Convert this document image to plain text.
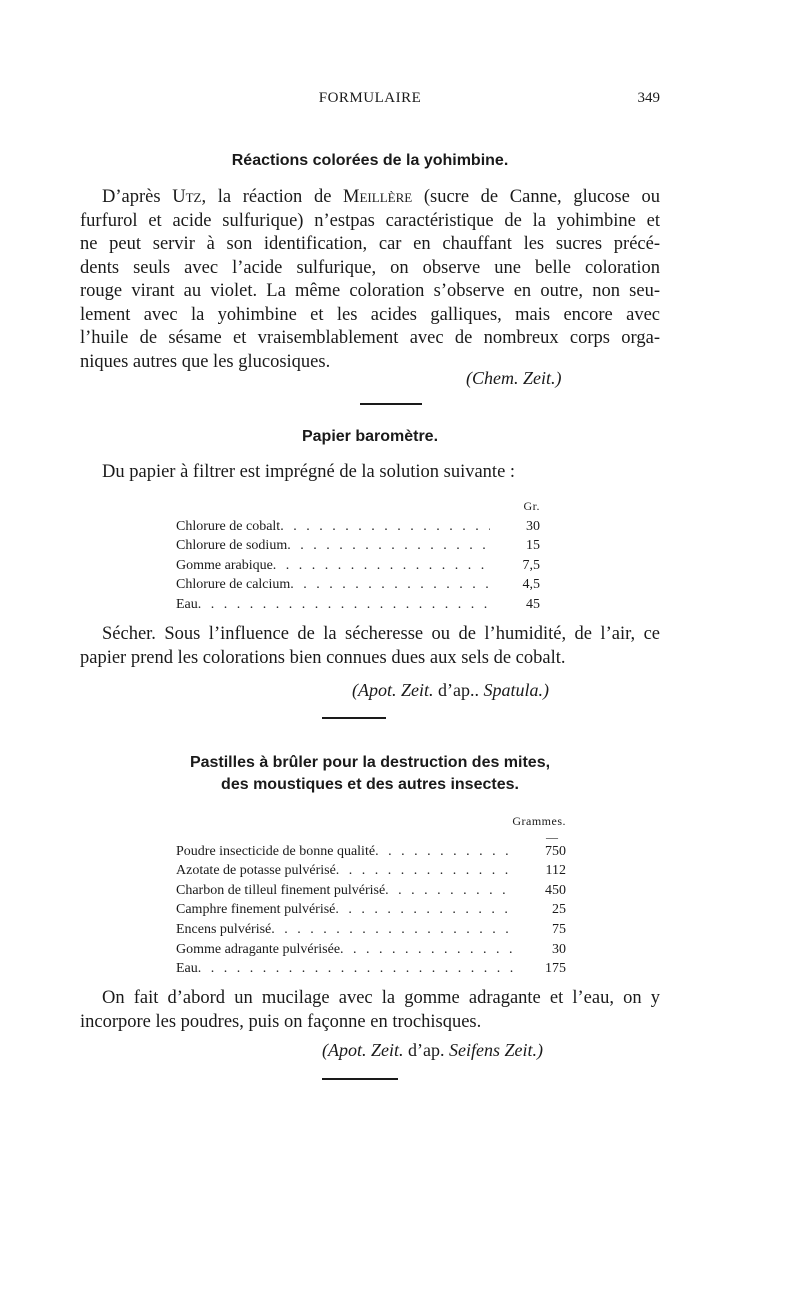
FORMULAIRE	349
Réactions colorées de la yohimbine.
D’après Utz, la réaction de Meillère (sucre de Canne, glucose ou
furfurol et acide sulfurique) n’estpas caractéristique de la yohimbine et
ne peut servir à son identification, car en chauffant les sucres précé-
dents seuls avec l’acide sulfurique, on observe une belle coloration
rouge virant au violet. La même coloration s’observe en outre, non seu-
lement avec la yohimbine et les acides galliques, mais encore avec
l’huile de sésame et vraisemblablement avec de nombreux corps orga-
niques autres que les glucosiques.
(Chem. Zeit.)
Papier baromètre.
Du papier à filtrer est imprégné de la solution suivante :
Gr.
Chlorure de cobalt . . .	30
Chlorure de sodium . . .	15
Gomme arabique . . .	7,5
Chlorure de calcium . . .	4,5
Eau . . .	45
Sécher. Sous l’influence de la sécheresse ou de l’humidité, de l’air, ce
papier prend les colorations bien connues dues aux sels de cobalt.
(Apot. Zeit. d’ap.. Spatula.)
Pastilles à brûler pour la destruction des mites,
des moustiques et des autres insectes.
Grammes.
—
Poudre insecticide de bonne qualité . . .	750
Azotate de potasse pulvérisé . . .	112
Charbon de tilleul finement pulvérisé . . .	450
Camphre finement pulvérisé . . .	25
Encens pulvérisé . . .	75
Gomme adragante pulvérisée . . .	30
Eau . . .	175
On fait d’abord un mucilage avec la gomme adragante et l’eau, on y
incorpore les poudres, puis on façonne en trochisques.
(Apot. Zeit. d’ap. Seifens Zeit.)
